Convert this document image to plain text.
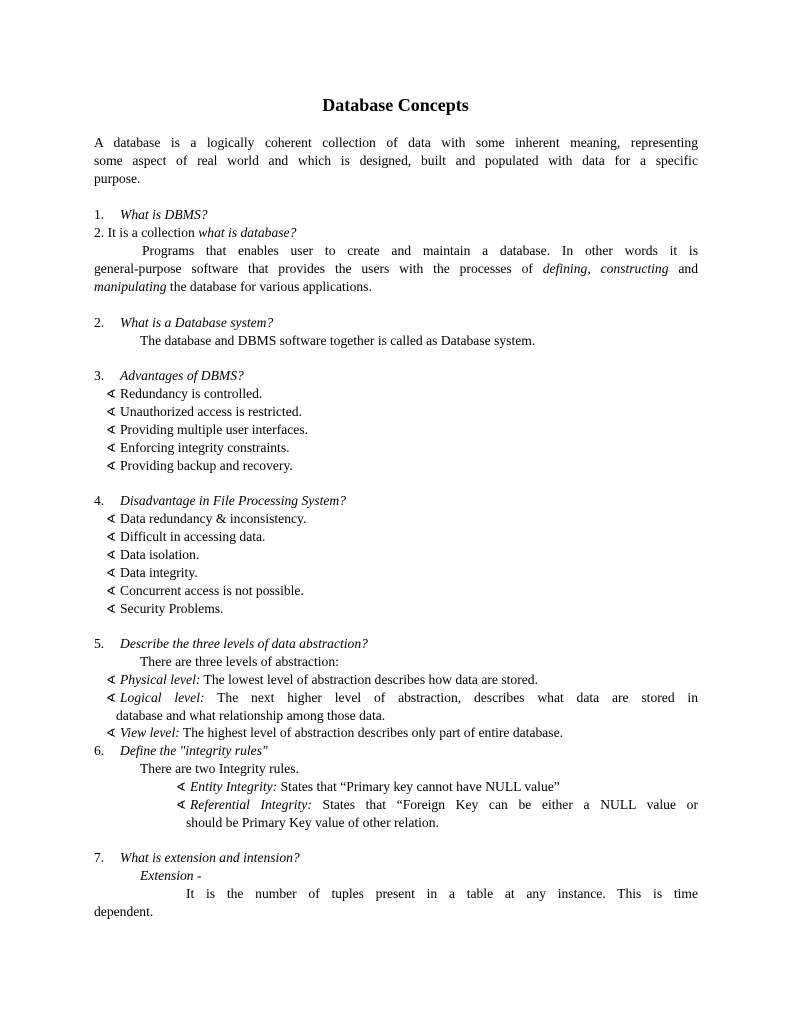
Database Concepts
A database is a logically coherent collection of data with some inherent meaning, representing
some aspect of real world and which is designed, built and populated with data for a specific
purpose.
1. What is DBMS?
2. It is a collection what is database?
Programs that enables user to create and maintain a database. In other words it is
general-purpose software that provides the users with the processes of defining, constructing and
manipulating the database for various applications.
2. What is a Database system?
The database and DBMS software together is called as Database system.
3. Advantages of DBMS?
∢ Redundancy is controlled.
∢ Unauthorized access is restricted.
∢ Providing multiple user interfaces.
∢ Enforcing integrity constraints.
∢ Providing backup and recovery.
4. Disadvantage in File Processing System?
∢ Data redundancy & inconsistency.
∢ Difficult in accessing data.
∢ Data isolation.
∢ Data integrity.
∢ Concurrent access is not possible.
∢ Security Problems.
5. Describe the three levels of data abstraction?
There are three levels of abstraction:
∢ Physical level: The lowest level of abstraction describes how data are stored.
∢ Logical level: The next higher level of abstraction, describes what data are stored in
database and what relationship among those data.
∢ View level: The highest level of abstraction describes only part of entire database.
6. Define the "integrity rules"
There are two Integrity rules.
∢ Entity Integrity: States that “Primary key cannot have NULL value”
∢ Referential Integrity: States that “Foreign Key can be either a NULL value or
should be Primary Key value of other relation.
7. What is extension and intension?
Extension -
It is the number of tuples present in a table at any instance. This is time
dependent.
